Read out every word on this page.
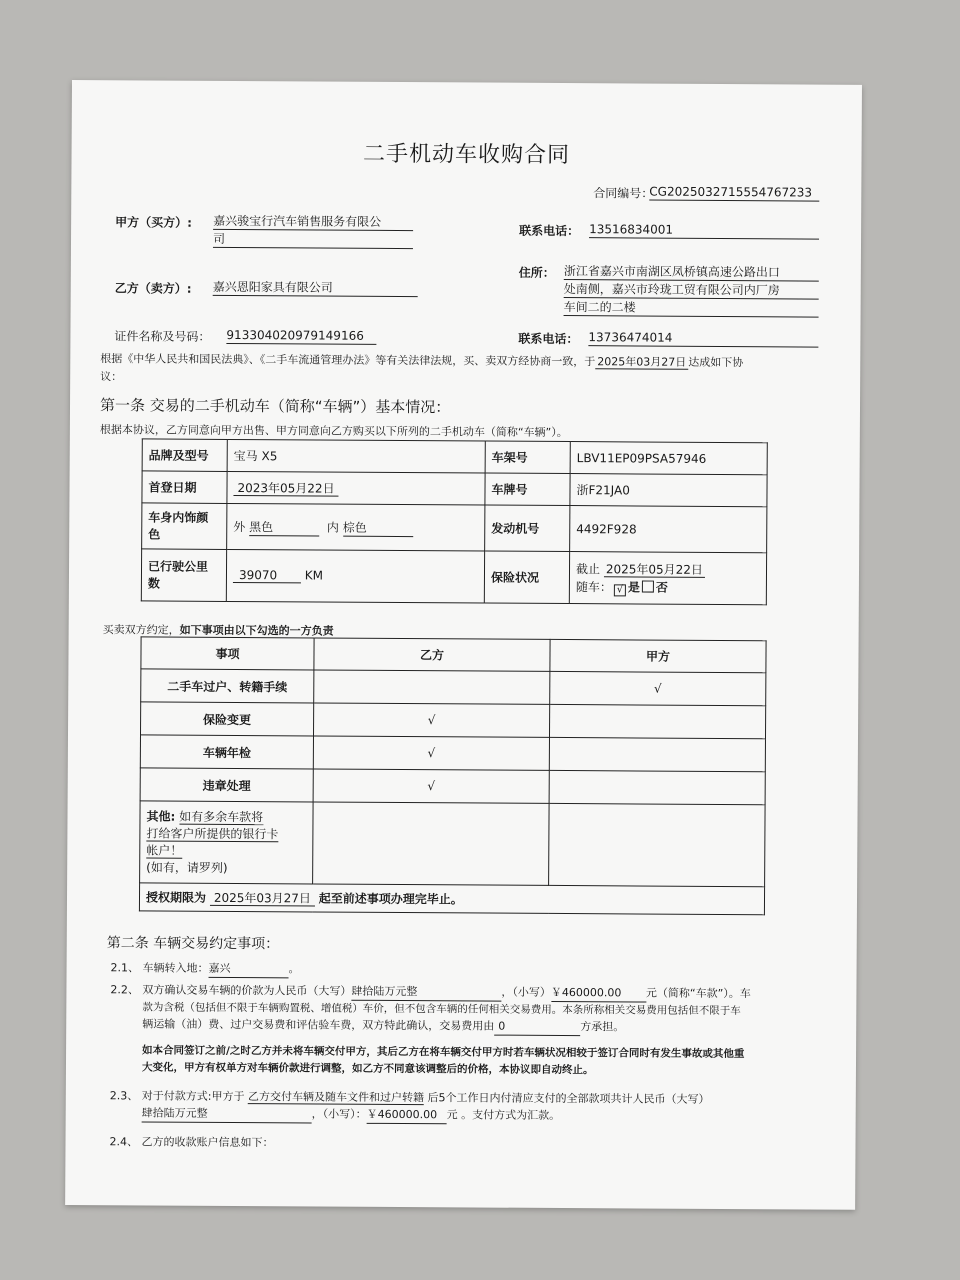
二手机动车收购合同
合同编号：
CG2025032715554767233
甲方（买方）: 嘉兴骏宝行汽车销售服务有限公
司
联系电话： 13516834001
住所： 浙江省嘉兴市南湖区凤桥镇高速公路出口
处南侧，嘉兴市玲珑工贸有限公司内厂房
车间二的二楼
乙方（卖方）: 嘉兴恩阳家具有限公司
证件名称及号码： 91330402097914916​6	联系电话： 13736474014
根据《中华人民共和国民法典》、《二手车流通管理办法》等有关法律法规，买、卖双方经协商一致，于 2025年03月27日 达成如下协
议：
第一条 交易的二手机动车（简称“车辆”）基本情况：
根据本协议，乙方同意向甲方出售、甲方同意向乙方购买以下所列的二手机动车（简称“车辆”）。
品牌及型号	宝马 X5	车架号	LBV11EP09PSA57946
首登日期	2023年05月22日	车牌号	浙F21JA0
车身内饰颜
色	外 黑色 内 棕色	发动机号	4492F928
已行驶公里
数	39070 KM	保险状况	截止 2025年05月22日
随车： √ 是 否
买卖双方约定，如下事项由以下勾选的一方负责
事项	乙方	甲方
二手车过户、转籍手续		√
保险变更	√	
车辆年检	√	
违章处理	√	
其他: 如有多余车款将
打给客户所提供的银行卡
帐户！
(如有，请罗列)		
授权期限为 2025年03月27日 起至前述事项办理完毕止。		
第二条 车辆交易约定事项：
2.1、 车辆转入地：嘉兴	。
2.2、 双方确认交易车辆的价款为人民币（大写）肆拾陆万元整	，（小写）￥460000.00 元（简称“车款”）。车
款为含税（包括但不限于车辆购置税、增值税）车价，但不包含车辆的任何相关交易费用。本条所称相关交易费用包括但不限于车
辆运输（油）费、过户交易费和评估验车费，双方特此确认，交易费用由 0	方承担。
如本合同签订之前/之时乙方并未将车辆交付甲方，其后乙方在将车辆交付甲方时若车辆状况相较于签订合同时有发生事故或其他重
大变化，甲方有权单方对车辆价款进行调整，如乙方不同意该调整后的价格，本协议即自动终止。
2.3、 对于付款方式:甲方于 乙方交付车辆及随车文件和过户转籍 后5个工作日内付清应支付的全部款项共计人民币（大写）
肆拾陆万元整	，（小写）：￥460000.00 元 。支付方式为汇款。
2.4、 乙方的收款账户信息如下：
